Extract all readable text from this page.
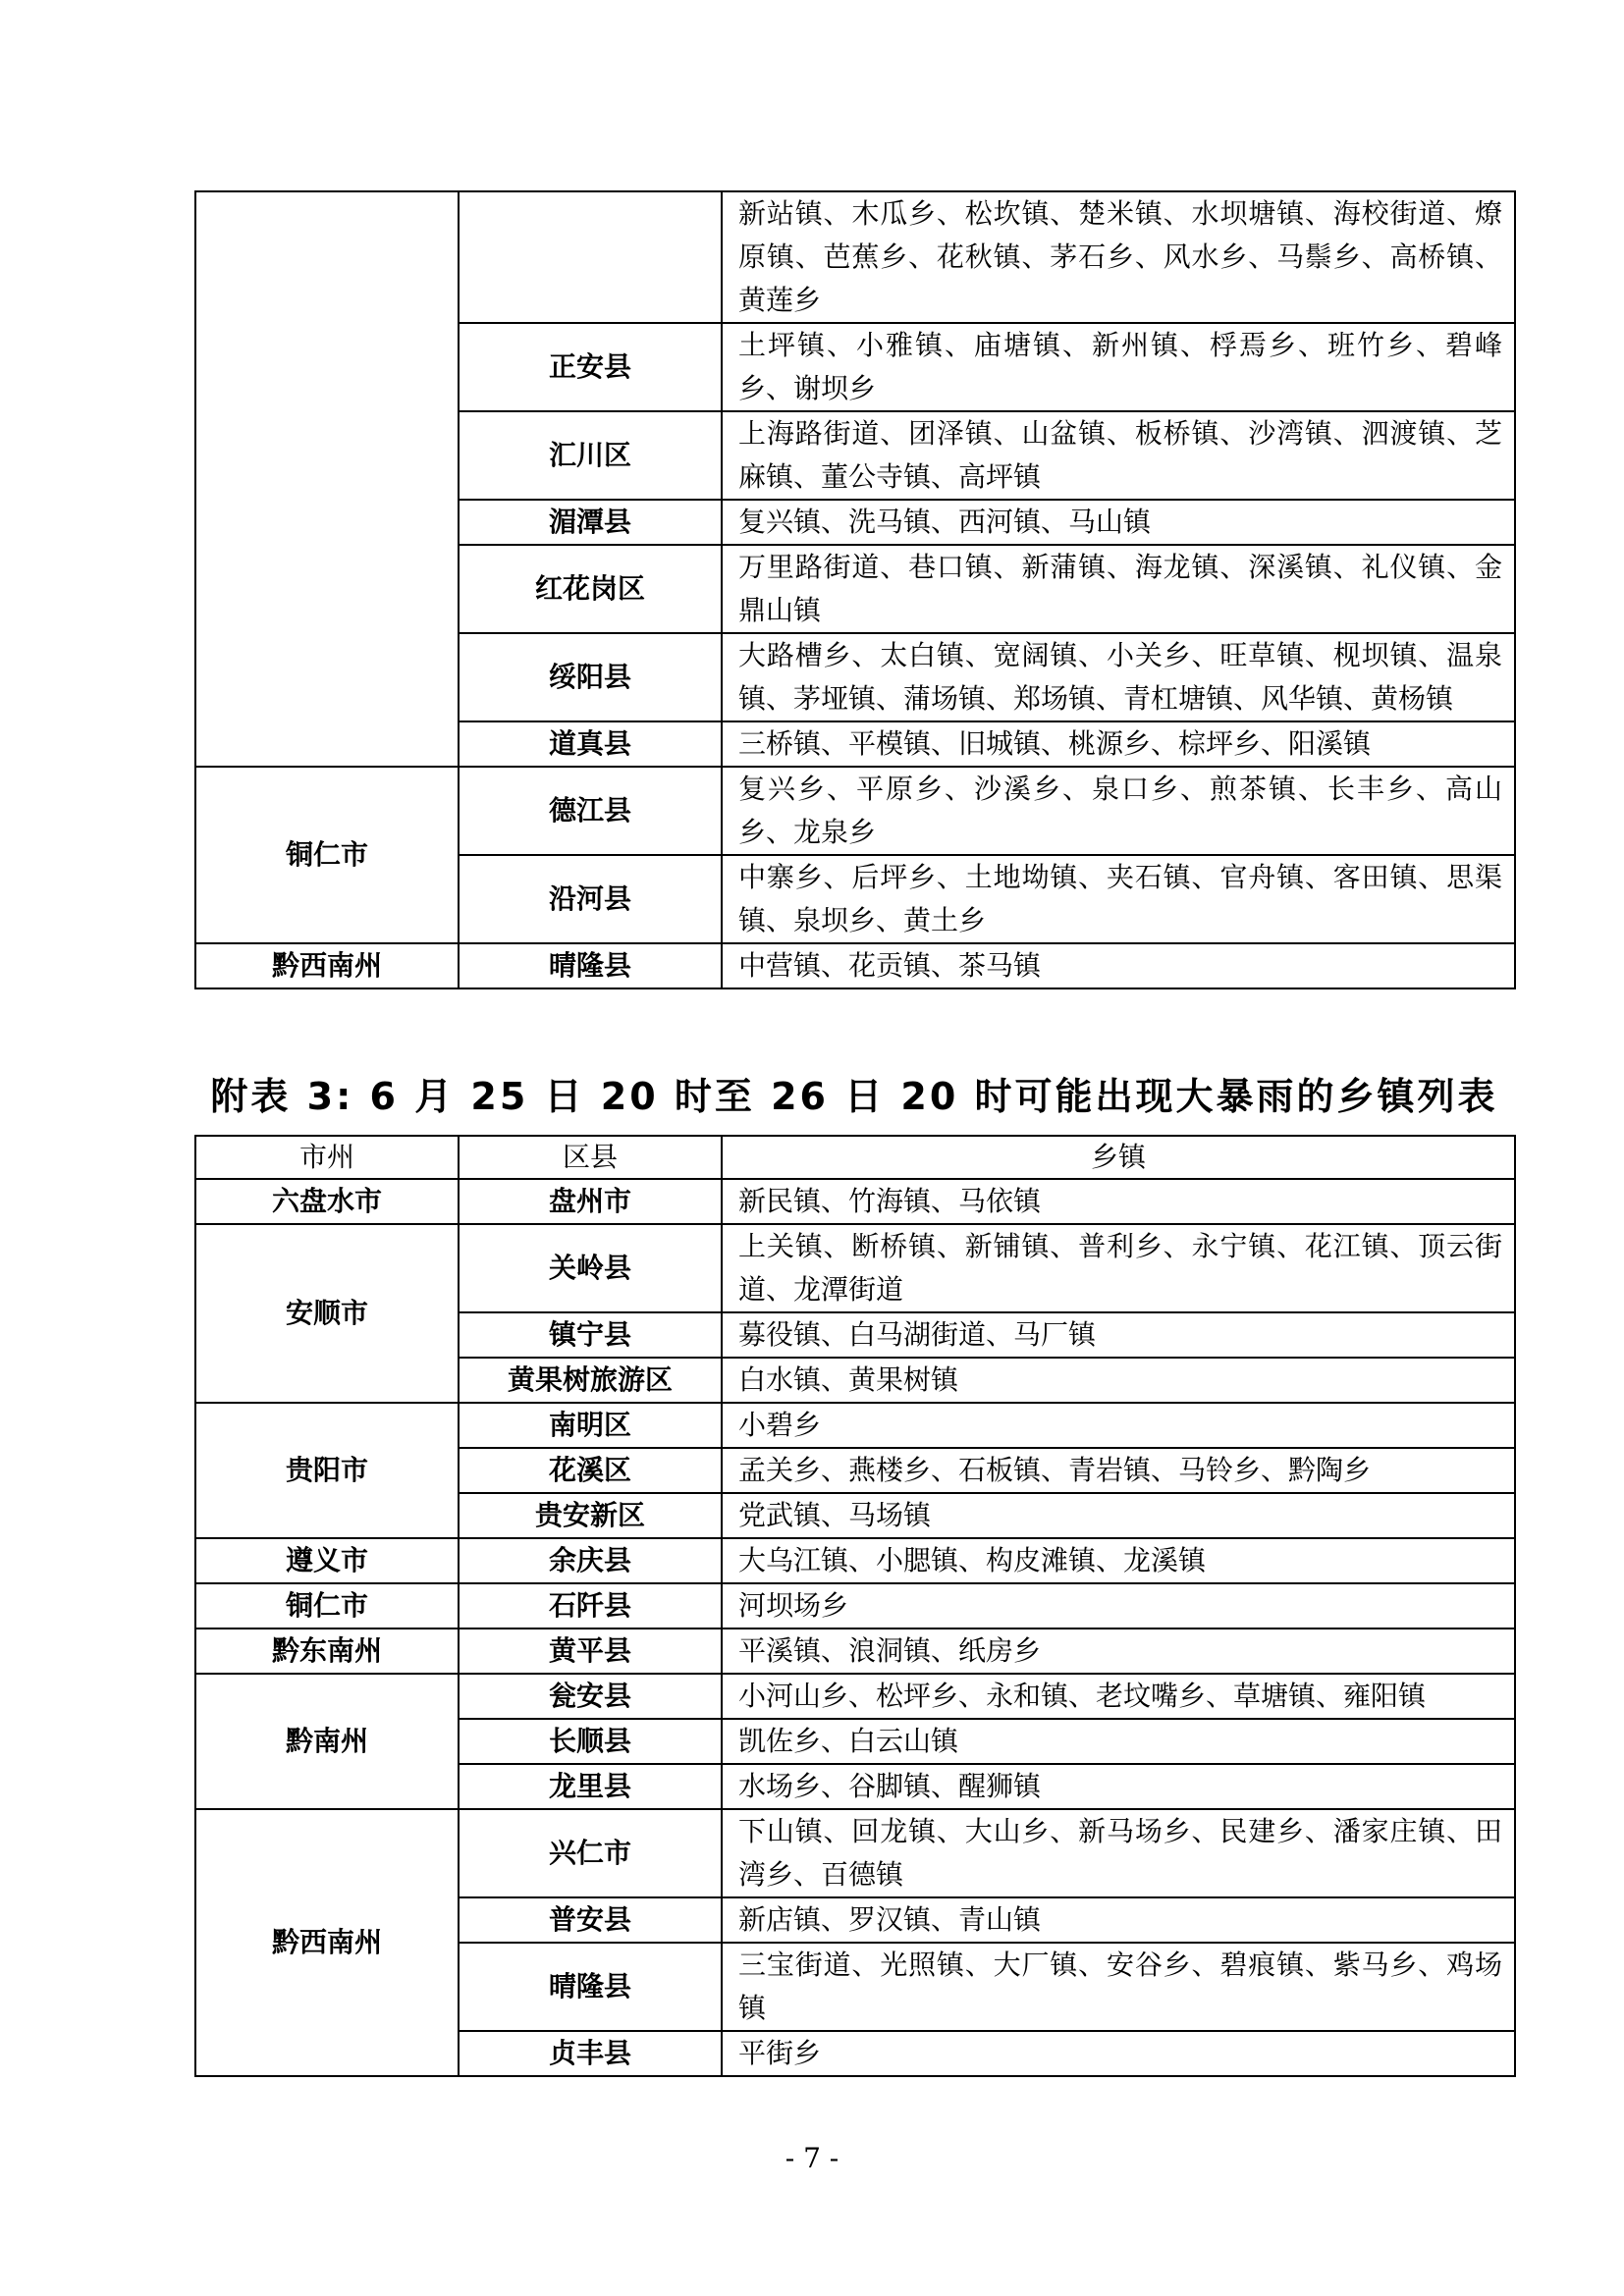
		新站镇、木瓜乡、松坎镇、楚米镇、水坝塘镇、海校街道、燎原镇、芭蕉乡、花秋镇、茅石乡、风水乡、马鬃乡、高桥镇、黄莲乡
	正安县	土坪镇、小雅镇、庙塘镇、新州镇、桴焉乡、班竹乡、碧峰乡、谢坝乡
	汇川区	上海路街道、团泽镇、山盆镇、板桥镇、沙湾镇、泗渡镇、芝麻镇、董公寺镇、高坪镇
	湄潭县	复兴镇、洗马镇、西河镇、马山镇
	红花岗区	万里路街道、巷口镇、新蒲镇、海龙镇、深溪镇、礼仪镇、金鼎山镇
	绥阳县	大路槽乡、太白镇、宽阔镇、小关乡、旺草镇、枧坝镇、温泉镇、茅垭镇、蒲场镇、郑场镇、青杠塘镇、风华镇、黄杨镇
	道真县	三桥镇、平模镇、旧城镇、桃源乡、棕坪乡、阳溪镇
铜仁市	德江县	复兴乡、平原乡、沙溪乡、泉口乡、煎茶镇、长丰乡、高山乡、龙泉乡
	沿河县	中寨乡、后坪乡、土地坳镇、夹石镇、官舟镇、客田镇、思渠镇、泉坝乡、黄土乡
黔西南州	晴隆县	中营镇、花贡镇、茶马镇
附表 3: 6 月 25 日 20 时至 26 日 20 时可能出现大暴雨的乡镇列表
市州	区县	乡镇
六盘水市	盘州市	新民镇、竹海镇、马依镇
安顺市	关岭县	上关镇、断桥镇、新铺镇、普利乡、永宁镇、花江镇、顶云街道、龙潭街道
	镇宁县	募役镇、白马湖街道、马厂镇
	黄果树旅游区	白水镇、黄果树镇
贵阳市	南明区	小碧乡
	花溪区	孟关乡、燕楼乡、石板镇、青岩镇、马铃乡、黔陶乡
	贵安新区	党武镇、马场镇
遵义市	余庆县	大乌江镇、小腮镇、构皮滩镇、龙溪镇
铜仁市	石阡县	河坝场乡
黔东南州	黄平县	平溪镇、浪洞镇、纸房乡
黔南州	瓮安县	小河山乡、松坪乡、永和镇、老坟嘴乡、草塘镇、雍阳镇
	长顺县	凯佐乡、白云山镇
	龙里县	水场乡、谷脚镇、醒狮镇
黔西南州	兴仁市	下山镇、回龙镇、大山乡、新马场乡、民建乡、潘家庄镇、田湾乡、百德镇
	普安县	新店镇、罗汉镇、青山镇
	晴隆县	三宝街道、光照镇、大厂镇、安谷乡、碧痕镇、紫马乡、鸡场镇
	贞丰县	平街乡
- 7 -
